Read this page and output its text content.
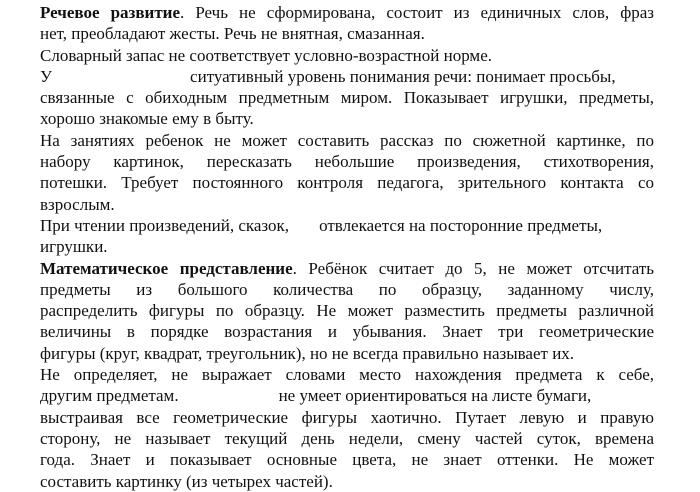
Речевое развитие. Речь не сформирована, состоит из единичных слов, фраз
нет, преобладают жесты. Речь не внятная, смазанная.
Словарный запас не соответствует условно-возрастной норме.
У	ситуативный уровень понимания речи: понимает просьбы,
связанные с обиходным предметным миром. Показывает игрушки, предметы,
хорошо знакомые ему в быту.
На занятиях ребенок не может составить рассказ по сюжетной картинке, по
набору картинок, пересказать небольшие произведения, стихотворения,
потешки. Требует постоянного контроля педагога, зрительного контакта со
взрослым.
При чтении произведений, сказок, отвлекается на посторонние предметы,
игрушки.
Математическое представление. Ребёнок считает до 5, не может отсчитать
предметы из большого количества по образцу, заданному числу,
распределить фигуры по образцу. Не может разместить предметы различной
величины в порядке возрастания и убывания. Знает три геометрические
фигуры (круг, квадрат, треугольник), но не всегда правильно называет их.
Не определяет, не выражает словами место нахождения предмета к себе,
другим предметам.	не умеет ориентироваться на листе бумаги,
выстраивая все геометрические фигуры хаотично. Путает левую и правую
сторону, не называет текущий день недели, смену частей суток, времена
года. Знает и показывает основные цвета, не знает оттенки. Не может
составить картинку (из четырех частей).
